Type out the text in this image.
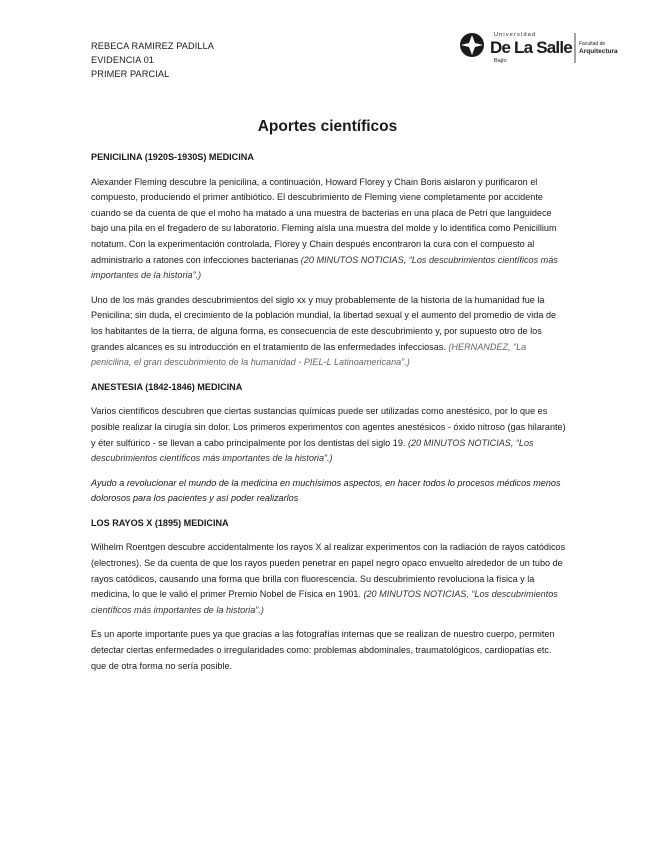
REBECA RAMIREZ PADILLA
EVIDENCIA 01
PRIMER PARCIAL
Universidad
De La Salle
Bajío
Facultad de
Arquitectura
Aportes científicos
PENICILINA (1920S-1930S) MEDICINA

Alexander Fleming descubre la penicilina, a continuación, Howard Florey y Chain Boris aislaron y purificaron el compuesto, produciendo el primer antibiótico. El descubrimiento de Fleming viene completamente por accidente cuando se da cuenta de que el moho ha matado a una muestra de bacterias en una placa de Petri que languidece bajo una pila en el fregadero de su laboratorio. Fleming aísla una muestra del molde y lo identifica como Penicillium notatum. Con la experimentación controlada, Florey y Chain después encontraron la cura con el compuesto al administrarlo a ratones con infecciones bacterianas (20 MINUTOS NOTICIAS, “Los descubrimientos científicos más importantes de la historia”.)

Uno de los más grandes descubrimientos del siglo xx y muy probablemente de la historia de la humanidad fue la Penicilina; sin duda, el crecimiento de la población mundial, la libertad sexual y el aumento del promedio de vida de los habitantes de la tierra, de alguna forma, es consecuencia de este descubrimiento y, por supuesto otro de los grandes alcances es su introducción en el tratamiento de las enfermedades infecciosas. (HERNANDEZ, “La penicilina, el gran descubrimiento de la humanidad - PIEL-L Latinoamericana”.)

ANESTESIA (1842-1846) MEDICINA

Varios científicos descubren que ciertas sustancias químicas puede ser utilizadas como anestésico, por lo que es posible realizar la cirugía sin dolor. Los primeros experimentos con agentes anestésicos - óxido nitroso (gas hilarante) y éter sulfúrico - se llevan a cabo principalmente por los dentistas del siglo 19. (20 MINUTOS NOTICIAS, “Los descubrimientos científicos más importantes de la historia”.)

Ayudo a revolucionar el mundo de la medicina en muchísimos aspectos, en hacer todos lo procesos médicos menos dolorosos para los pacientes y así poder realizarlos

LOS RAYOS X (1895) MEDICINA

Wilhelm Roentgen descubre accidentalmente los rayos X al realizar experimentos con la radiación de rayos catódicos (electrones). Se da cuenta de que los rayos pueden penetrar en papel negro opaco envuelto alrededor de un tubo de rayos catódicos, causando una forma que brilla con fluorescencia. Su descubrimiento revoluciona la física y la medicina, lo que le valió el primer Premio Nobel de Física en 1901. (20 MINUTOS NOTICIAS, “Los descubrimientos científicos más importantes de la historia”.)

Es un aporte importante pues ya que gracias a las fotografías internas que se realizan de nuestro cuerpo, permiten detectar ciertas enfermedades o irregularidades como: problemas abdominales, traumatológicos, cardiopatías etc. que de otra forma no sería posible.
